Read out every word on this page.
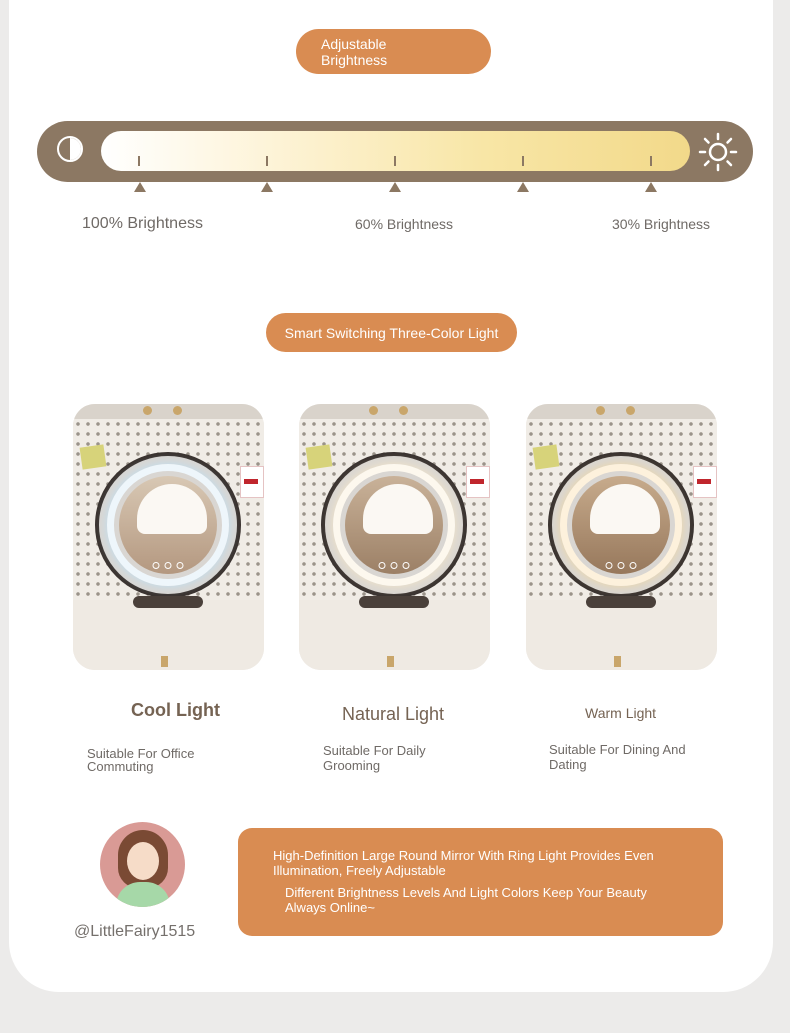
Adjustable Brightness
100% Brightness	60% Brightness	30% Brightness
Smart Switching Three-Color Light
Cool Light	Natural Light	Warm Light
Suitable For Office Commuting
Suitable For Daily Grooming
Suitable For Dining And Dating
@LittleFairy1515
High-Definition Large Round Mirror With Ring Light Provides Even Illumination, Freely Adjustable
Different Brightness Levels And Light Colors Keep Your Beauty Always Online~
